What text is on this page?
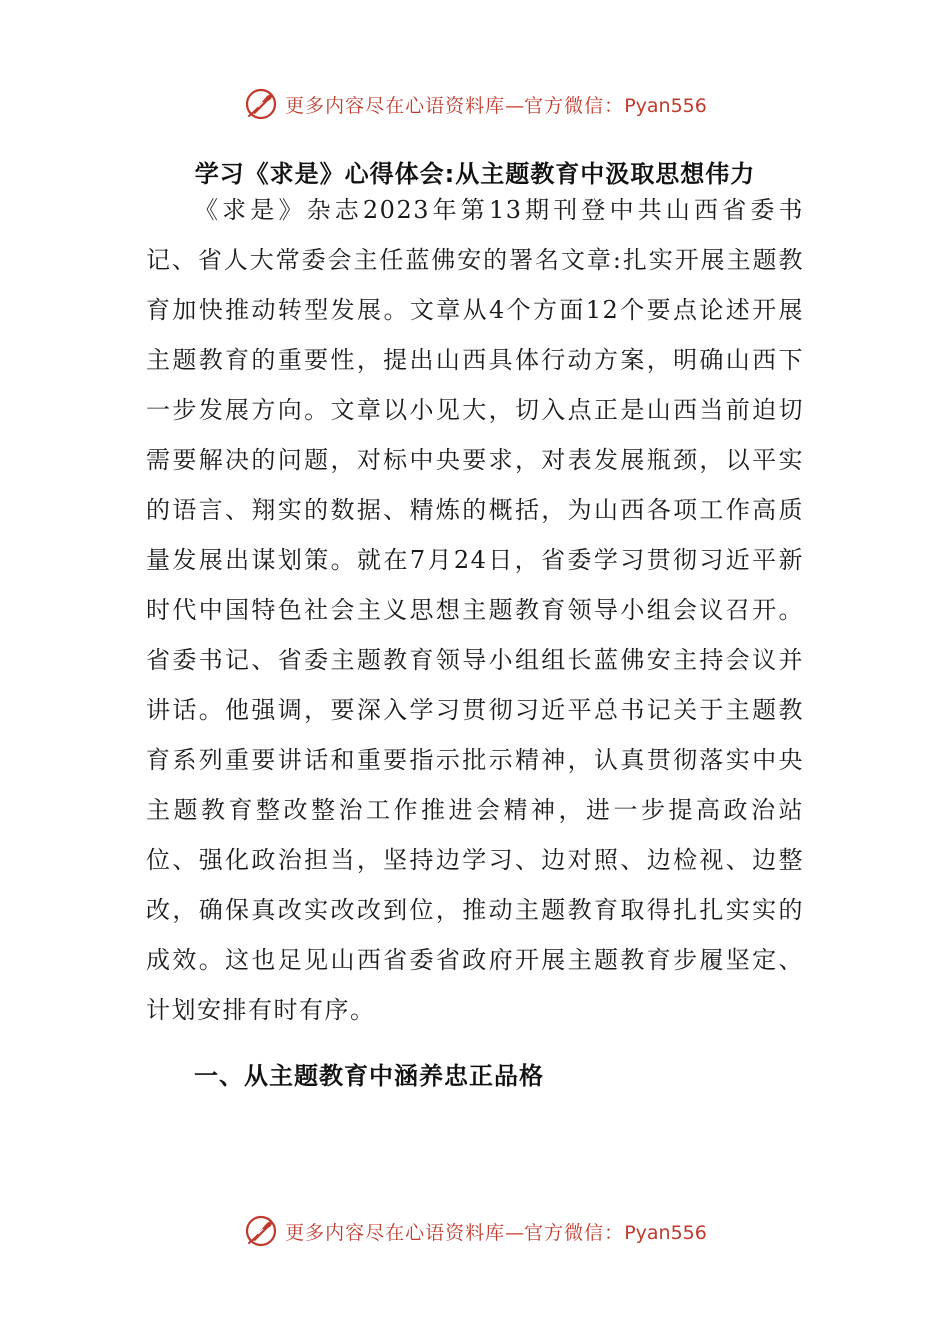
更多内容尽在心语资料库—官方微信：Pyan556
学习《求是》心得体会:从主题教育中汲取思想伟力

《求是》杂志2023年第13期刊登中共山西省委书记、省人大常委会主任蓝佛安的署名文章:扎实开展主题教育加快推动转型发展。文章从4个方面12个要点论述开展主题教育的重要性，提出山西具体行动方案，明确山西下一步发展方向。文章以小见大，切入点正是山西当前迫切需要解决的问题，对标中央要求，对表发展瓶颈，以平实的语言、翔实的数据、精炼的概括，为山西各项工作高质量发展出谋划策。就在7月24日，省委学习贯彻习近平新时代中国特色社会主义思想主题教育领导小组会议召开。省委书记、省委主题教育领导小组组长蓝佛安主持会议并讲话。他强调，要深入学习贯彻习近平总书记关于主题教育系列重要讲话和重要指示批示精神，认真贯彻落实中央主题教育整改整治工作推进会精神，进一步提高政治站位、强化政治担当，坚持边学习、边对照、边检视、边整改，确保真改实改改到位，推动主题教育取得扎扎实实的成效。这也足见山西省委省政府开展主题教育步履坚定、计划安排有时有序。

一、从主题教育中涵养忠正品格
更多内容尽在心语资料库—官方微信：Pyan556
